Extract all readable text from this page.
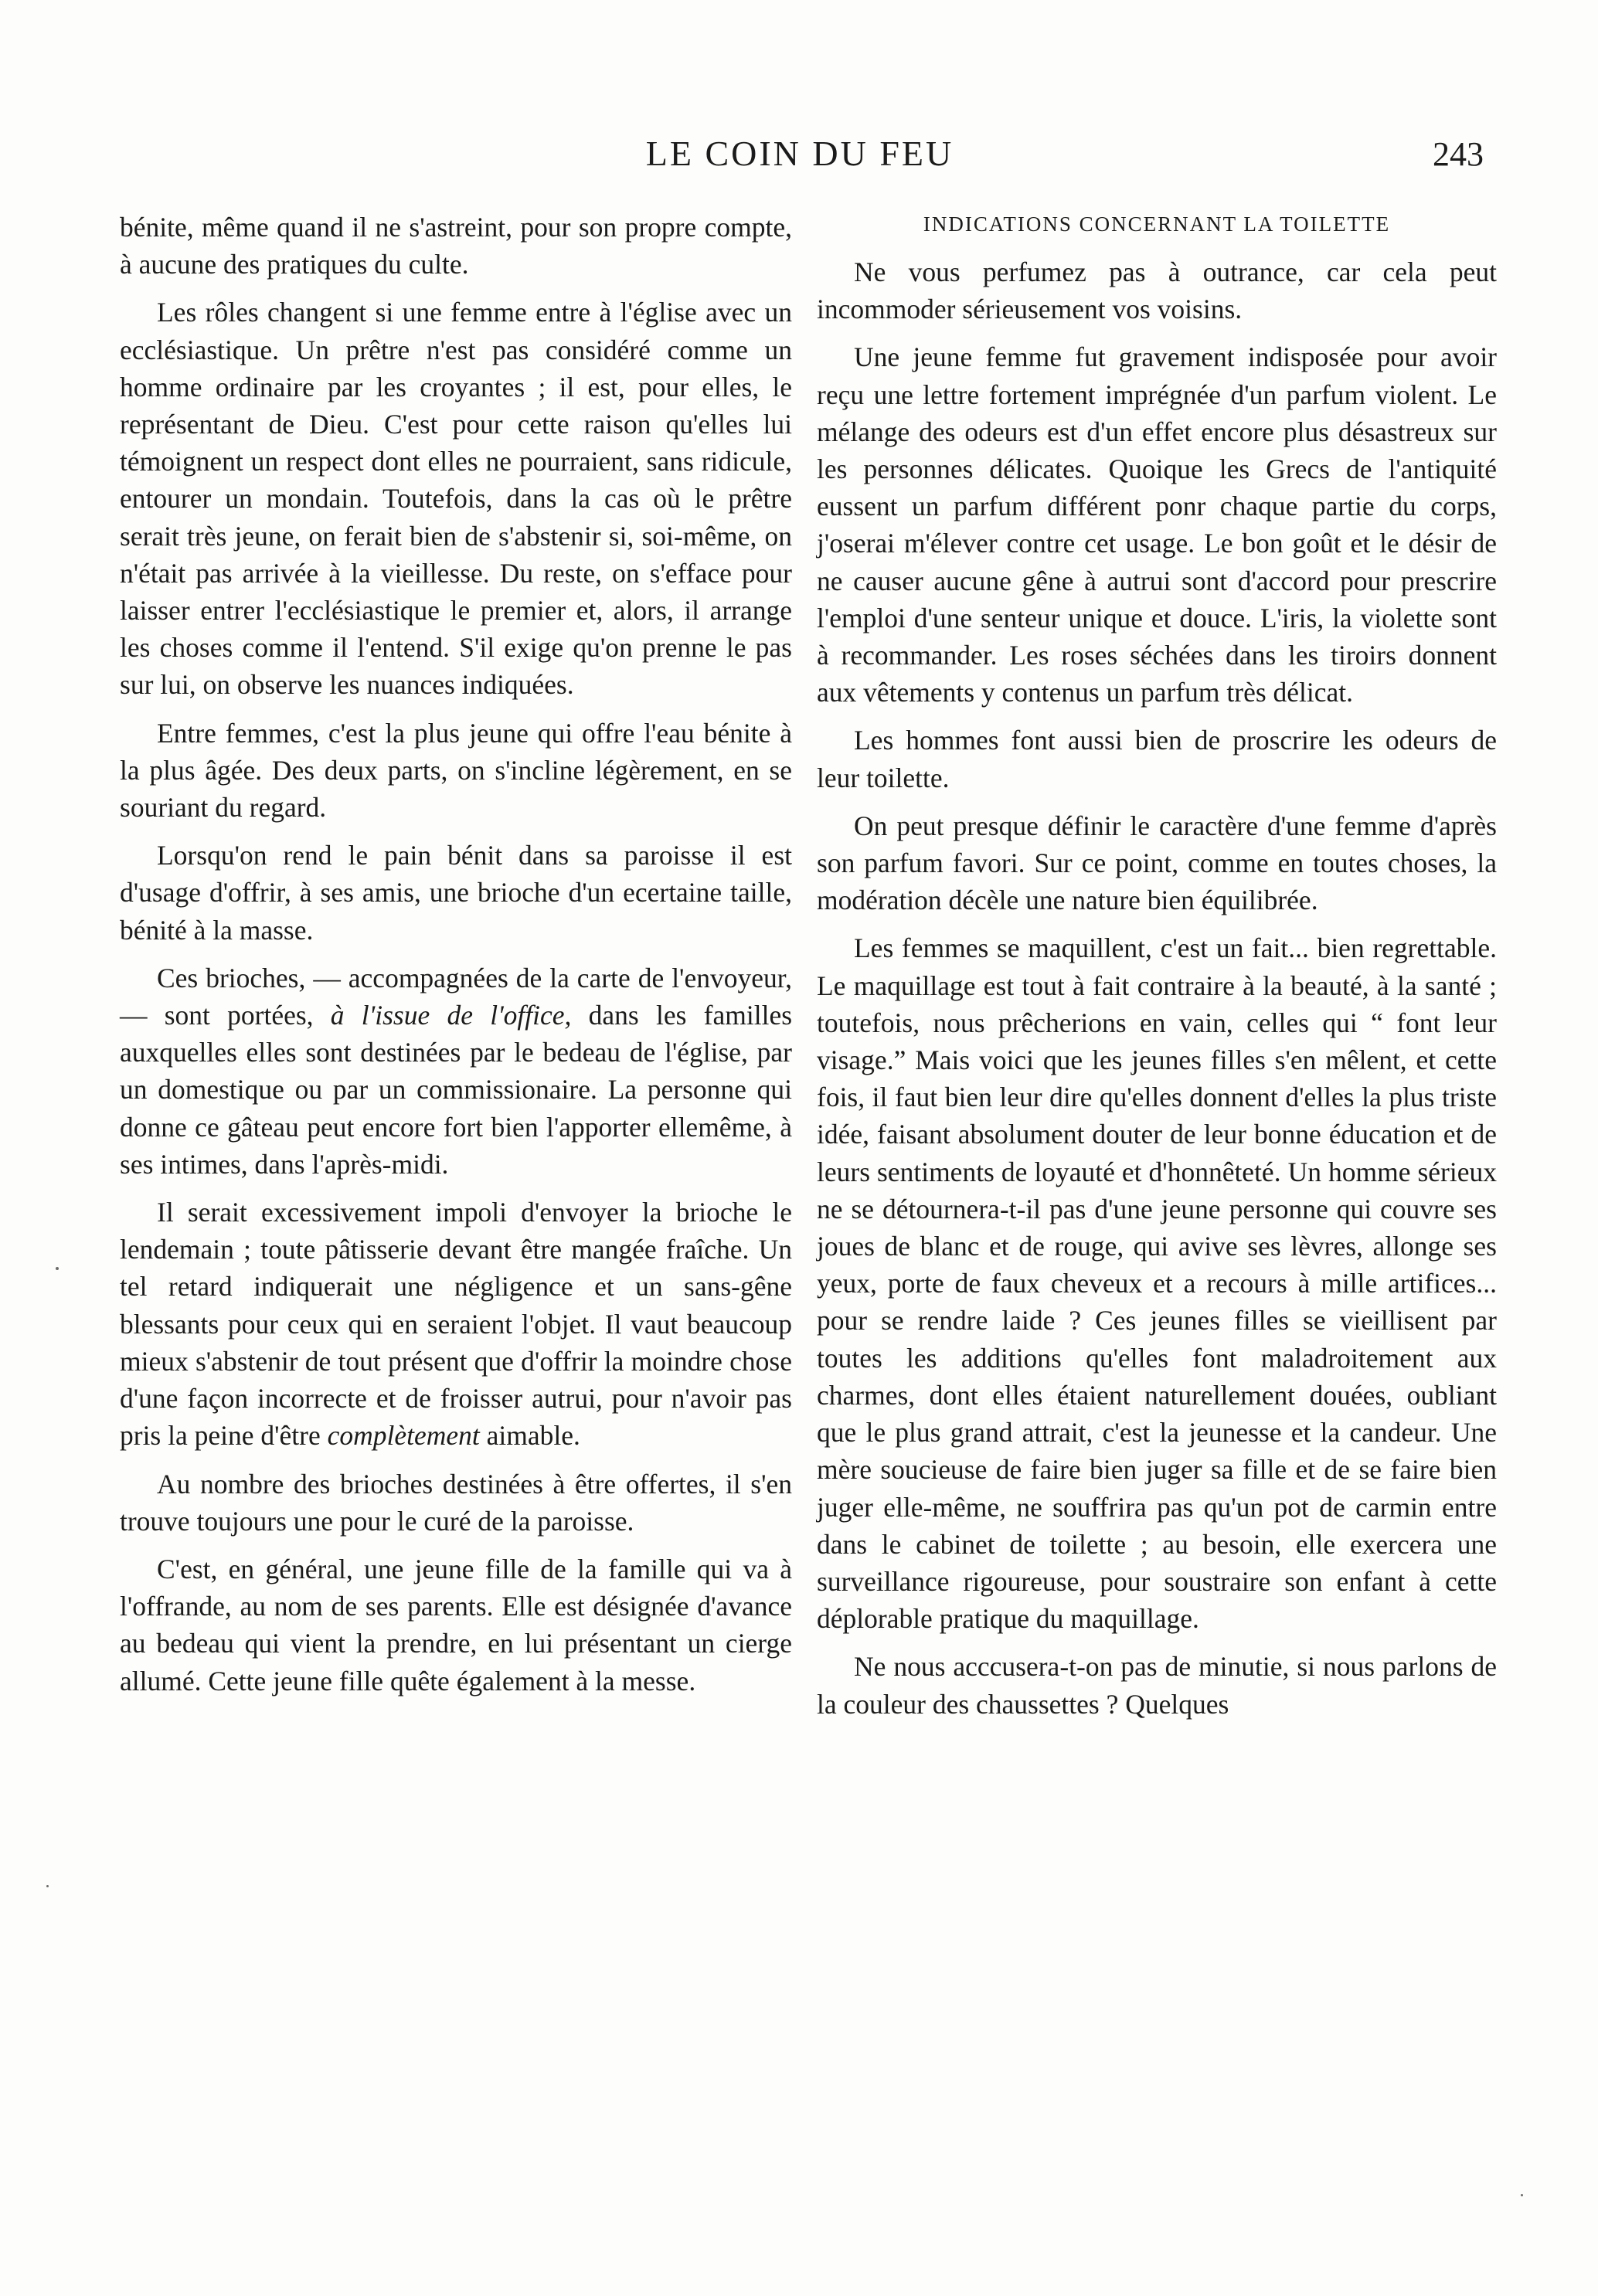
LE COIN DU FEU	243

bénite, même quand il ne s'astreint, pour son propre compte, à aucune des pratiques du culte.

Les rôles changent si une femme entre à l'église avec un ecclésiastique. Un prêtre n'est pas considéré comme un homme ordinaire par les croyantes ; il est, pour elles, le représentant de Dieu. C'est pour cette raison qu'elles lui témoignent un respect dont elles ne pourraient, sans ridicule, entourer un mondain. Toutefois, dans la cas où le prêtre serait très jeune, on ferait bien de s'abstenir si, soi-même, on n'était pas arrivée à la vieillesse. Du reste, on s'efface pour laisser entrer l'ecclésiastique le premier et, alors, il arrange les choses comme il l'entend. S'il exige qu'on prenne le pas sur lui, on observe les nuances indiquées.

Entre femmes, c'est la plus jeune qui offre l'eau bénite à la plus âgée. Des deux parts, on s'incline légèrement, en se souriant du regard.

Lorsqu'on rend le pain bénit dans sa paroisse il est d'usage d'offrir, à ses amis, une brioche d'un ecertaine taille, bénité à la masse.

Ces brioches, — accompagnées de la carte de l'envoyeur, — sont portées, à l'issue de l'office, dans les familles auxquelles elles sont destinées par le bedeau de l'église, par un domestique ou par un commissionaire. La personne qui donne ce gâteau peut encore fort bien l'apporter ellemême, à ses intimes, dans l'après-midi.

Il serait excessivement impoli d'envoyer la brioche le lendemain ; toute pâtisserie devant être mangée fraîche. Un tel retard indiquerait une négligence et un sans-gêne blessants pour ceux qui en seraient l'objet. Il vaut beaucoup mieux s'abstenir de tout présent que d'offrir la moindre chose d'une façon incorrecte et de froisser autrui, pour n'avoir pas pris la peine d'être complètement aimable.

Au nombre des brioches destinées à être offertes, il s'en trouve toujours une pour le curé de la paroisse.

C'est, en général, une jeune fille de la famille qui va à l'offrande, au nom de ses parents. Elle est désignée d'avance au bedeau qui vient la prendre, en lui présentant un cierge allumé. Cette jeune fille quête également à la messe.

INDICATIONS CONCERNANT LA TOILETTE

Ne vous perfumez pas à outrance, car cela peut incommoder sérieusement vos voisins.

Une jeune femme fut gravement indisposée pour avoir reçu une lettre fortement imprégnée d'un parfum violent. Le mélange des odeurs est d'un effet encore plus désastreux sur les personnes délicates. Quoique les Grecs de l'antiquité eussent un parfum différent ponr chaque partie du corps, j'oserai m'élever contre cet usage. Le bon goût et le désir de ne causer aucune gêne à autrui sont d'accord pour prescrire l'emploi d'une senteur unique et douce. L'iris, la violette sont à recommander. Les roses séchées dans les tiroirs donnent aux vêtements y contenus un parfum très délicat.

Les hommes font aussi bien de proscrire les odeurs de leur toilette.

On peut presque définir le caractère d'une femme d'après son parfum favori. Sur ce point, comme en toutes choses, la modération décèle une nature bien équilibrée.

Les femmes se maquillent, c'est un fait... bien regrettable. Le maquillage est tout à fait contraire à la beauté, à la santé ; toutefois, nous prêcherions en vain, celles qui “ font leur visage.” Mais voici que les jeunes filles s'en mêlent, et cette fois, il faut bien leur dire qu'elles donnent d'elles la plus triste idée, faisant absolument douter de leur bonne éducation et de leurs sentiments de loyauté et d'honnêteté. Un homme sérieux ne se détournera-t-il pas d'une jeune personne qui couvre ses joues de blanc et de rouge, qui avive ses lèvres, allonge ses yeux, porte de faux cheveux et a recours à mille artifices... pour se rendre laide ? Ces jeunes filles se vieillisent par toutes les additions qu'elles font maladroitement aux charmes, dont elles étaient naturellement douées, oubliant que le plus grand attrait, c'est la jeunesse et la candeur. Une mère soucieuse de faire bien juger sa fille et de se faire bien juger elle-même, ne souffrira pas qu'un pot de carmin entre dans le cabinet de toilette ; au besoin, elle exercera une surveillance rigoureuse, pour soustraire son enfant à cette déplorable pratique du maquillage.

Ne nous acccusera-t-on pas de minutie, si nous parlons de la couleur des chaussettes ? Quelques
